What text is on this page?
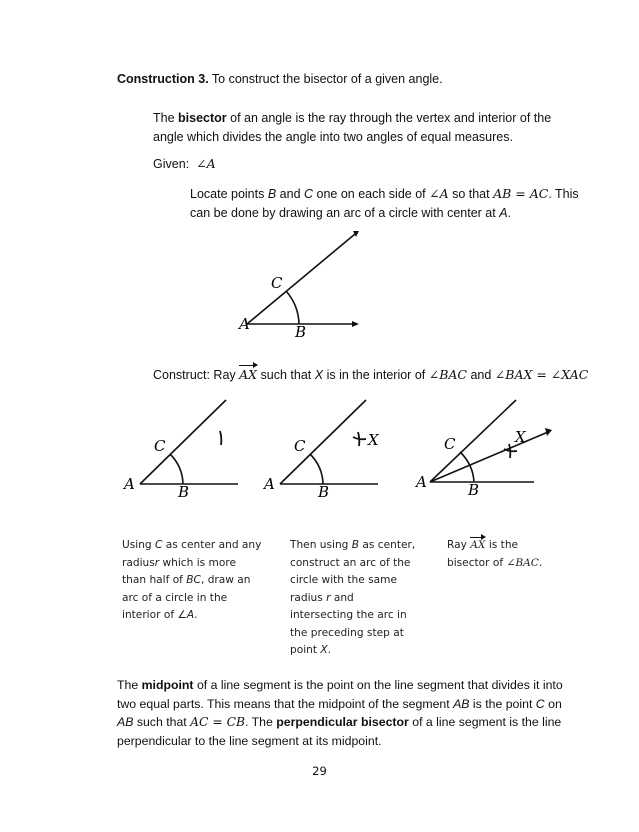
Construction 3. To construct the bisector of a given angle.
The bisector of an angle is the ray through the vertex and interior of the
angle which divides the angle into two angles of equal measures.
Given: ∠A
Locate points B and C one on each side of ∠A so that AB = AC. This
can be done by drawing an arc of a circle with center at A.
A	B
C
Construct: Ray AX such that X is in the interior of ∠BAC and ∠BAX = ∠XAC
A	B
C	X
A	B
C	X
A	B
C
Using C as center and any
radiusr which is more
than half of BC, draw an
arc of a circle in the
interior of ∠A.
Then using B as center,
construct an arc of the
circle with the same
radius r and
intersecting the arc in
the preceding step at
point X.
Ray AX is the
bisector of ∠BAC.
The midpoint of a line segment is the point on the line segment that divides it into
two equal parts. This means that the midpoint of the segment AB is the point C on
AB such that AC = CB. The perpendicular bisector of a line segment is the line
perpendicular to the line segment at its midpoint.
29
